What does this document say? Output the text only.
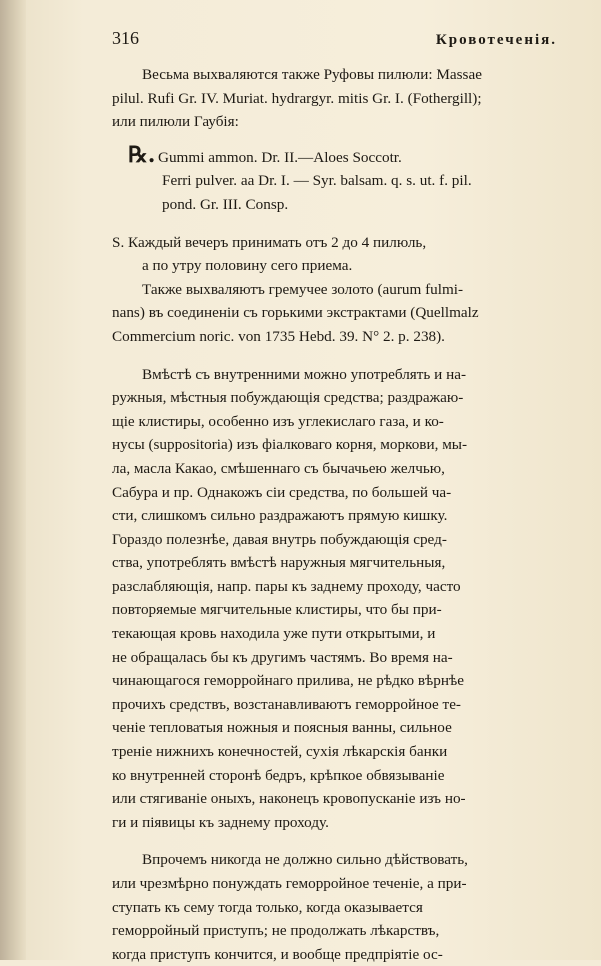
316	Кровотеченія.

Весьма выхваляются также Руфовы пилюли: Massae

pilul. Rufi Gr. IV. Muriat. hydrargyr. mitis Gr. I. (Fothergill);

или пилюли Гаубія:

℞. Gummi ammon. Dr. II.—Aloes Soccotr.

Ferri pulver. aa Dr. I. — Syr. balsam. q. s. ut. f. pil.

pond. Gr. III. Consp.

S. Каждый вечеръ принимать отъ 2 до 4 пилюль,

а по утру половину сего приема.

Также выхваляютъ гремучее золото (aurum fulmi-

nans) въ соединеніи съ горькими экстрактами (Quellmalz

Commercium noric. von 1735 Hebd. 39. N° 2. p. 238).

Вмѣстѣ съ внутренними можно употреблять и на-

ружныя, мѣстныя побуждающія средства; раздражаю-

щіе клистиры, особенно изъ углекислаго газа, и ко-

нусы (suppositoria) изъ фіалковаго корня, моркови, мы-

ла, масла Какао, смѣшеннаго съ бычачьею желчью,

Сабура и пр. Однакожъ сіи средства, по большей ча-

сти, слишкомъ сильно раздражаютъ прямую кишку.

Гораздо полезнѣе, давая внутрь побуждающія сред-

ства, употреблять вмѣстѣ наружныя мягчительныя,

разслабляющія, напр. пары къ заднему проходу, часто

повторяемые мягчительные клистиры, что бы при-

текающая кровь находила уже пути открытыми, и

не обращалась бы къ другимъ частямъ. Во время на-

чинающагося геморройнаго прилива, не рѣдко вѣрнѣе

прочихъ средствъ, возстанавливаютъ геморройное те-

ченіе тепловатыя ножныя и поясныя ванны, сильное

треніе нижнихъ конечностей, сухія лѣкарскія банки

ко внутренней сторонѣ бедръ, крѣпкое обвязываніе

или стягиваніе оныхъ, наконецъ кровопусканіе изъ но-

ги и піявицы къ заднему проходу.

Впрочемъ никогда не должно сильно дѣйствовать,

или чрезмѣрно понуждать геморройное теченіе, а при-

ступать къ сему тогда только, когда оказывается

геморройный приступъ; не продолжать лѣкарствъ,

когда приступъ кончится, и вообще предпріятіе ос-
